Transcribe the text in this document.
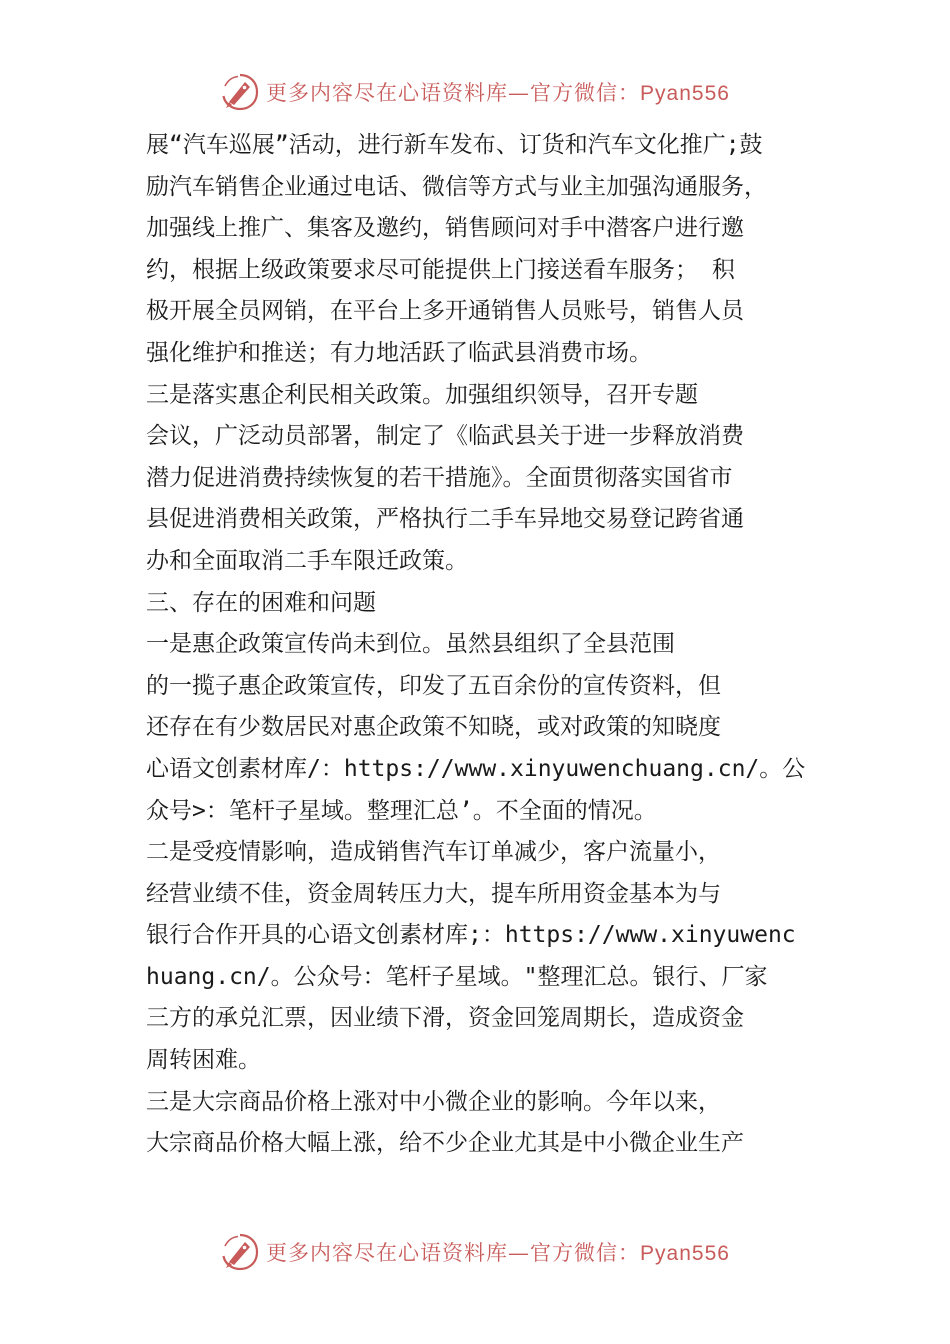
更多内容尽在心语资料库—官方微信：Pyan556

展“汽车巡展”活动，进行新车发布、订货和汽车文化推广;鼓
励汽车销售企业通过电话、微信等方式与业主加强沟通服务，
加强线上推广、集客及邀约，销售顾问对手中潜客户进行邀
约，根据上级政策要求尽可能提供上门接送看车服务； 积
极开展全员网销，在平台上多开通销售人员账号，销售人员
强化维护和推送；有力地活跃了临武县消费市场。

三是落实惠企利民相关政策。加强组织领导，召开专题
会议，广泛动员部署，制定了《临武县关于进一步释放消费
潜力促进消费持续恢复的若干措施》。全面贯彻落实国省市
县促进消费相关政策，严格执行二手车异地交易登记跨省通
办和全面取消二手车限迁政策。

三、存在的困难和问题

一是惠企政策宣传尚未到位。虽然县组织了全县范围
的一揽子惠企政策宣传，印发了五百余份的宣传资料，但
还存在有少数居民对惠企政策不知晓，或对政策的知晓度
心语文创素材库/：https://www.xinyuwenchuang.cn/。公
众号>：笔杆子星域。整理汇总’。不全面的情况。

二是受疫情影响，造成销售汽车订单减少，客户流量小，
经营业绩不佳，资金周转压力大，提车所用资金基本为与
银行合作开具的心语文创素材库;：https://www.xinyuwenc
huang.cn/。公众号：笔杆子星域。"整理汇总。银行、厂家
三方的承兑汇票，因业绩下滑，资金回笼周期长，造成资金
周转困难。

三是大宗商品价格上涨对中小微企业的影响。今年以来，
大宗商品价格大幅上涨，给不少企业尤其是中小微企业生产

更多内容尽在心语资料库—官方微信：Pyan556
